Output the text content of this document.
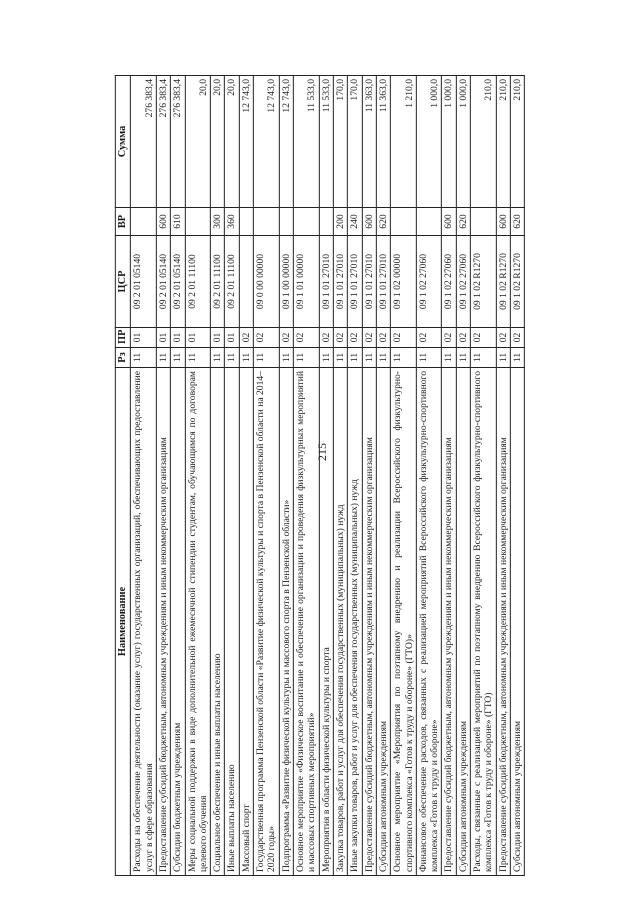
215
Наименование	Рз	ПР	ЦСР	ВР	Сумма
Расходы на обеспечение деятельности (оказание услуг) государственных организаций, обеспечивающих предоставление услуг в сфере образования	11	01	09 2 01 05140		276 383,4
Предоставление субсидий бюджетным, автономным учреждениям и иным некоммерческим организациям	11	01	09 2 01 05140	600	276 383,4
Субсидии бюджетным учреждениям	11	01	09 2 01 05140	610	276 383,4
Меры социальной поддержки в виде дополнительной ежемесячной стипендии студентам, обучающимся по договорам целевого обучения	11	01	09 2 01 11100		20,0
Социальное обеспечение и иные выплаты населению	11	01	09 2 01 11100	300	20,0
Иные выплаты населению	11	01	09 2 01 11100	360	20,0
Массовый спорт	11	02			12 743,0
Государственная программа Пензенской области «Развитие физической культуры и спорта в Пензенской области на 2014–2020 годы»	11	02	09 0 00 00000		12 743,0
Подпрограмма «Развитие физической культуры и массового спорта в Пензенской области»	11	02	09 1 00 00000		12 743,0
Основное мероприятие «Физическое воспитание и обеспечение организации и проведения физкультурных мероприятий и массовых спортивных мероприятий»	11	02	09 1 01 00000		11 533,0
Мероприятия в области физической культуры и спорта	11	02	09 1 01 27010		11 533,0
Закупка товаров, работ и услуг для обеспечения государственных (муниципальных) нужд	11	02	09 1 01 27010	200	170,0
Иные закупки товаров, работ и услуг для обеспечения государственных (муниципальных) нужд	11	02	09 1 01 27010	240	170,0
Предоставление субсидий бюджетным, автономным учреждениям и иным некоммерческим организациям	11	02	09 1 01 27010	600	11 363,0
Субсидии автономным учреждениям	11	02	09 1 01 27010	620	11 363,0
Основное мероприятие «Мероприятия по поэтапному внедрению и реализации Всероссийского физкультурно-спортивного комплекса «Готов к труду и обороне» (ГТО)»	11	02	09 1 02 00000		1 210,0
Финансовое обеспечение расходов, связанных с реализацией мероприятий Всероссийского физкультурно-спортивного комплекса «Готов к труду и обороне»	11	02	09 1 02 27060		1 000,0
Предоставление субсидий бюджетным, автономным учреждениям и иным некоммерческим организациям	11	02	09 1 02 27060	600	1 000,0
Субсидии автономным учреждениям	11	02	09 1 02 27060	620	1 000,0
Расходы, связанные с реализацией мероприятий по поэтапному внедрению Всероссийского физкультурно-спортивного комплекса «Готов к труду и обороне» (ГТО)	11	02	09 1 02 R1270		210,0
Предоставление субсидий бюджетным, автономным учреждениям и иным некоммерческим организациям	11	02	09 1 02 R1270	600	210,0
Субсидии автономным учреждениям	11	02	09 1 02 R1270	620	210,0
